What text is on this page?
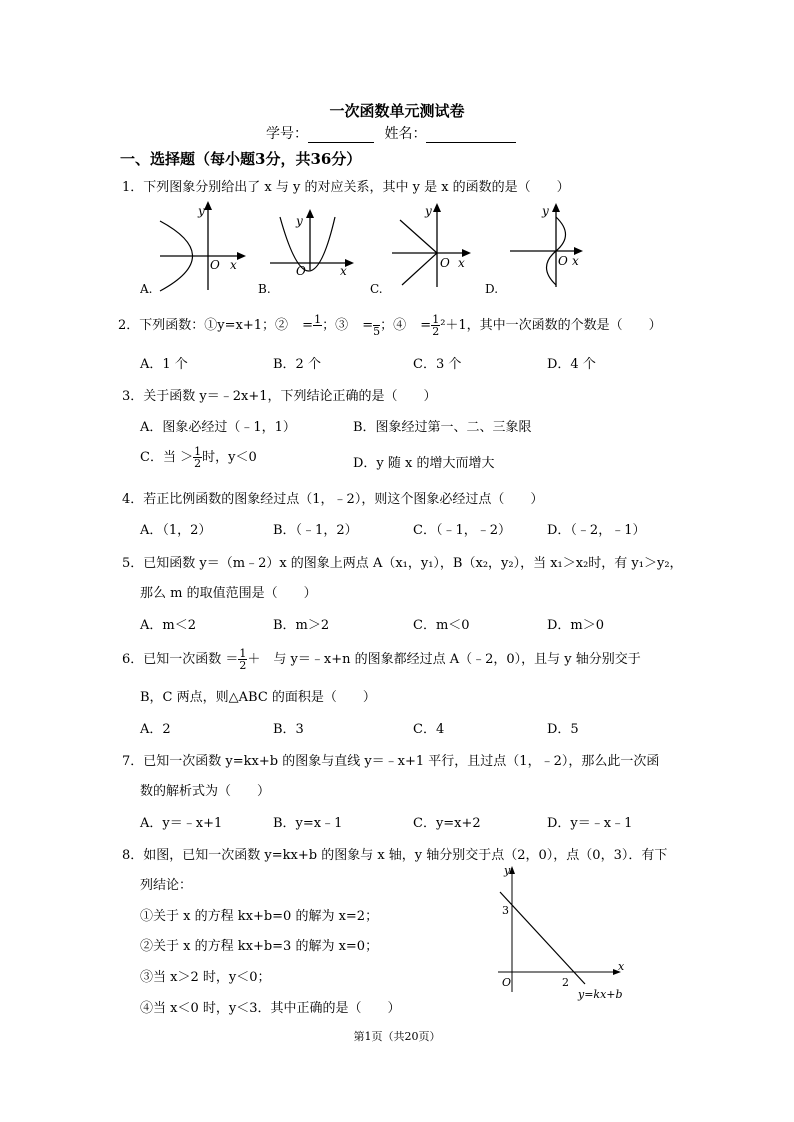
一次函数单元测试卷
学号：	姓名：
一、选择题（每小题3分，共36分）
1．下列图象分别给出了 x 与 y 的对应关系，其中 y 是 x 的函数的是（　　）
y
O x
A.
y
O	x
B.
y
O x
C.
y
O x
D.
2．下列函数：①y=x+1；② = 1
；③ =
5 ；④ = $\frac{1}{2} ^2+1$，其中一次函数的个数是（　　）
A．1 个	B．2 个	C．3 个	D．4 个
3．关于函数 y＝﹣2x+1，下列结论正确的是（　　）
A．图象必经过（﹣1，1）	B．图象经过第一、二、三象限
C．当 ＞ $\frac{1}{2}$ 时，y＜0	D．y 随 x 的增大而增大
4．若正比例函数的图象经过点（1，﹣2），则这个图象必经过点（　　）
A．（1，2）	B．（﹣1，2）	C．（﹣1，﹣2）	D．（﹣2，﹣1）
5．已知函数 y＝（m﹣2）x 的图象上两点 A（x₁，y₁），B（x₂，y₂），当 x₁＞x₂时，有 y₁＞y₂，
那么 m 的取值范围是（　　）
A．m＜2	B．m＞2	C．m＜0	D．m＞0
6．已知一次函数 ＝ $\frac{1}{2}$ ＋　与 y＝﹣x+n 的图象都经过点 A（﹣2，0），且与 y 轴分别交于
B，C 两点，则△ABC 的面积是（　　）
A．2	B．3	C．4	D．5
7．已知一次函数 y=kx+b 的图象与直线 y＝﹣x+1 平行，且过点（1，﹣2），那么此一次函
数的解析式为（　　）
A．y＝﹣x+1	B．y=x﹣1	C．y=x+2	D．y＝﹣x﹣1
8．如图，已知一次函数 y=kx+b 的图象与 x 轴，y 轴分别交于点（2，0），点（0，3）．有下
列结论：
①关于 x 的方程 kx+b=0 的解为 x=2；
②关于 x 的方程 kx+b=3 的解为 x=0；
③当 x＞2 时，y＜0；
④当 x＜0 时，y＜3．其中正确的是（　　）
y
x
O
3
2
y=kx+b
第1页（共20页）
